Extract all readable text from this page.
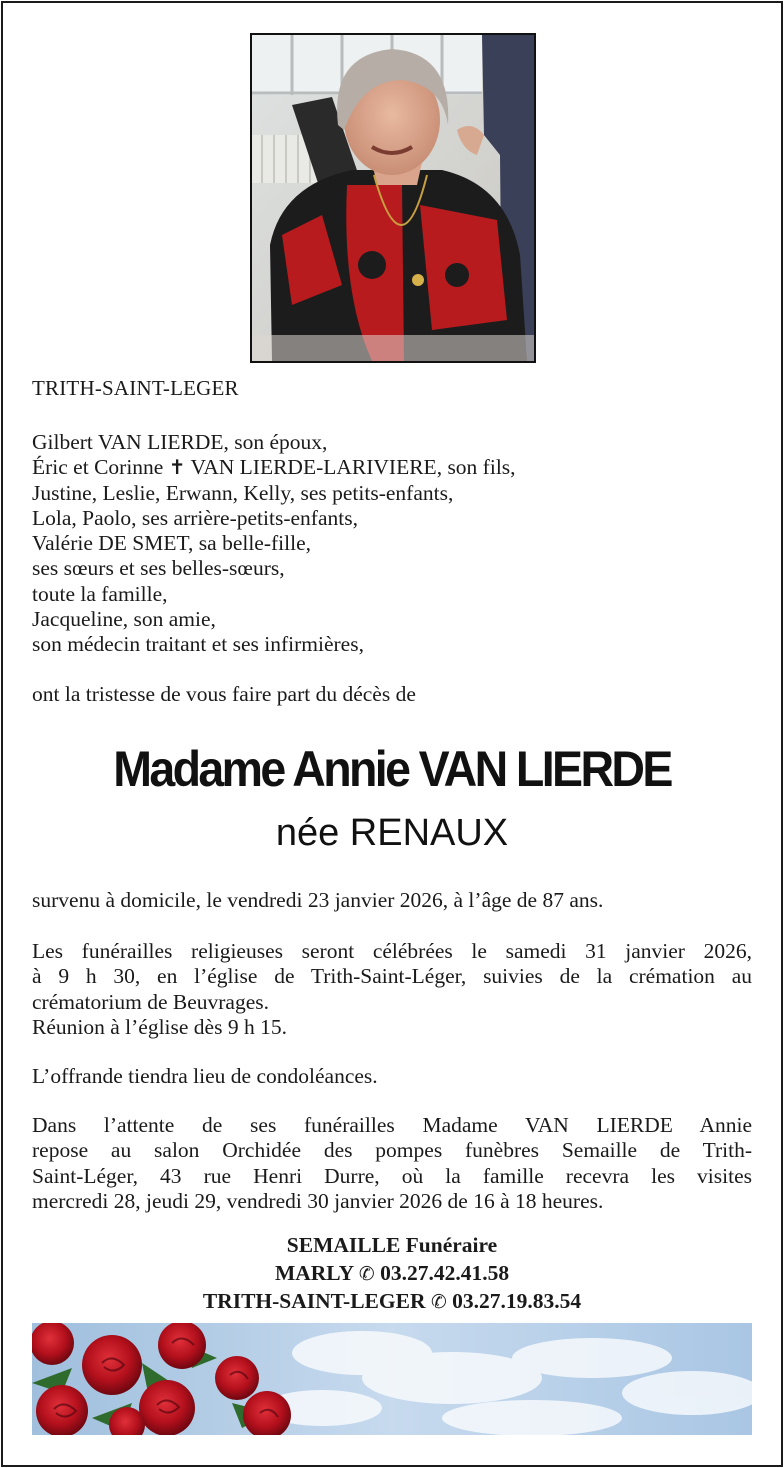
TRITH-SAINT-LEGER
Gilbert VAN LIERDE, son époux,
Éric et Corinne ✝ VAN LIERDE-LARIVIERE, son fils,
Justine, Leslie, Erwann, Kelly, ses petits-enfants,
Lola, Paolo, ses arrière-petits-enfants,
Valérie DE SMET, sa belle-fille,
ses sœurs et ses belles-sœurs,
toute la famille,
Jacqueline, son amie,
son médecin traitant et ses infirmières,
ont la tristesse de vous faire part du décès de
Madame Annie VAN LIERDE
née RENAUX

survenu à domicile, le vendredi 23 janvier 2026, à l’âge de 87 ans.

Les funérailles religieuses seront célébrées le samedi 31 janvier 2026,
à 9 h 30, en l’église de Trith-Saint-Léger, suivies de la crémation au
crématorium de Beuvrages.
Réunion à l’église dès 9 h 15.

L’offrande tiendra lieu de condoléances.

Dans l’attente de ses funérailles Madame VAN LIERDE Annie
repose au salon Orchidée des pompes funèbres Semaille de Trith-
Saint-Léger, 43 rue Henri Durre, où la famille recevra les visites
mercredi 28, jeudi 29, vendredi 30 janvier 2026 de 16 à 18 heures.

SEMAILLE Funéraire
MARLY ✆ 03.27.42.41.58
TRITH-SAINT-LEGER ✆ 03.27.19.83.54
